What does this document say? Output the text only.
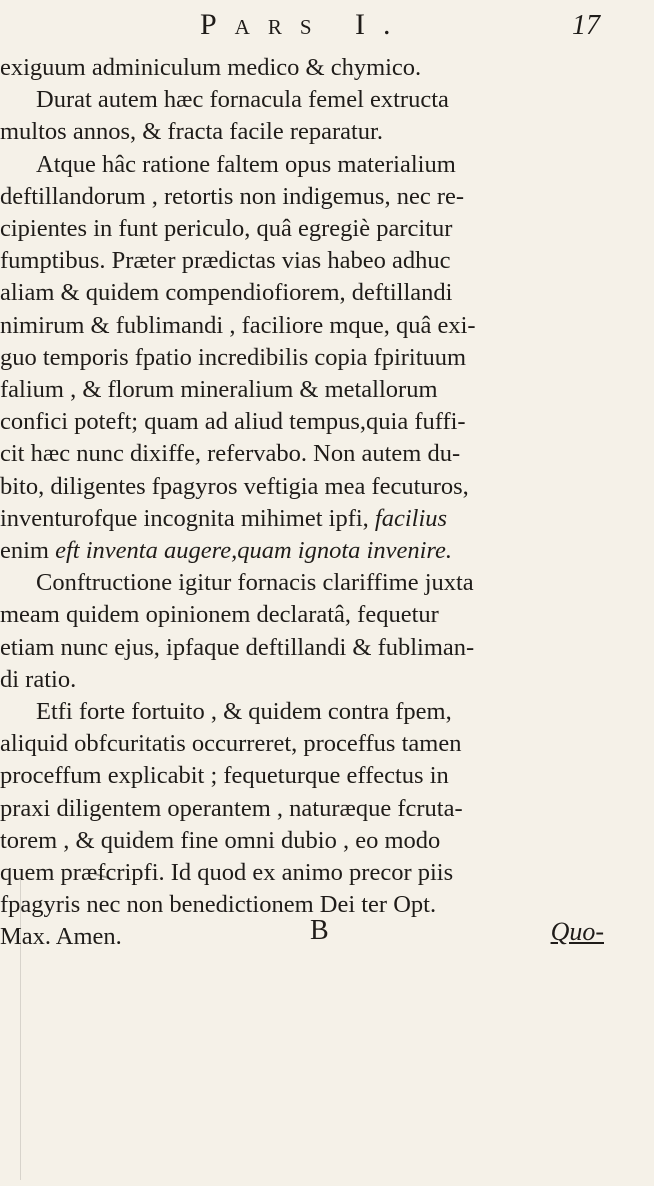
Pars I.	17
exiguum adminiculum medico & chymico.
Durat autem hæc fornacula femel extructa
multos annos, & fracta facile reparatur.
Atque hâc ratione faltem opus materialium
deftillandorum , retortis non indigemus, nec re-
cipientes in funt periculo, quâ egregiè parcitur
fumptibus. Præter prædictas vias habeo adhuc
aliam & quidem compendiofiorem, deftillandi
nimirum & fublimandi , faciliore mque, quâ exi-
guo temporis fpatio incredibilis copia fpirituum
falium , & florum mineralium & metallorum
confici poteft; quam ad aliud tempus,quia fuffi-
cit hæc nunc dixiffe, refervabo. Non autem du-
bito, diligentes fpagyros veftigia mea fecuturos,
inventurofque incognita mihimet ipfi, facilius
enim eft inventa augere,quam ignota invenire.
Conftructione igitur fornacis clariffime juxta
meam quidem opinionem declaratâ, fequetur
etiam nunc ejus, ipfaque deftillandi & fubliman-
di ratio.
Etfi forte fortuito , & quidem contra fpem,
aliquid obfcuritatis occurreret, proceffus tamen
proceffum explicabit ; fequeturque effectus in
praxi diligentem operantem , naturæque fcruta-
torem , & quidem fine omni dubio , eo modo
quem præfcripfi. Id quod ex animo precor piis
fpagyris nec non benedictionem Dei ter Opt.
Max. Amen.	B	Quo-
